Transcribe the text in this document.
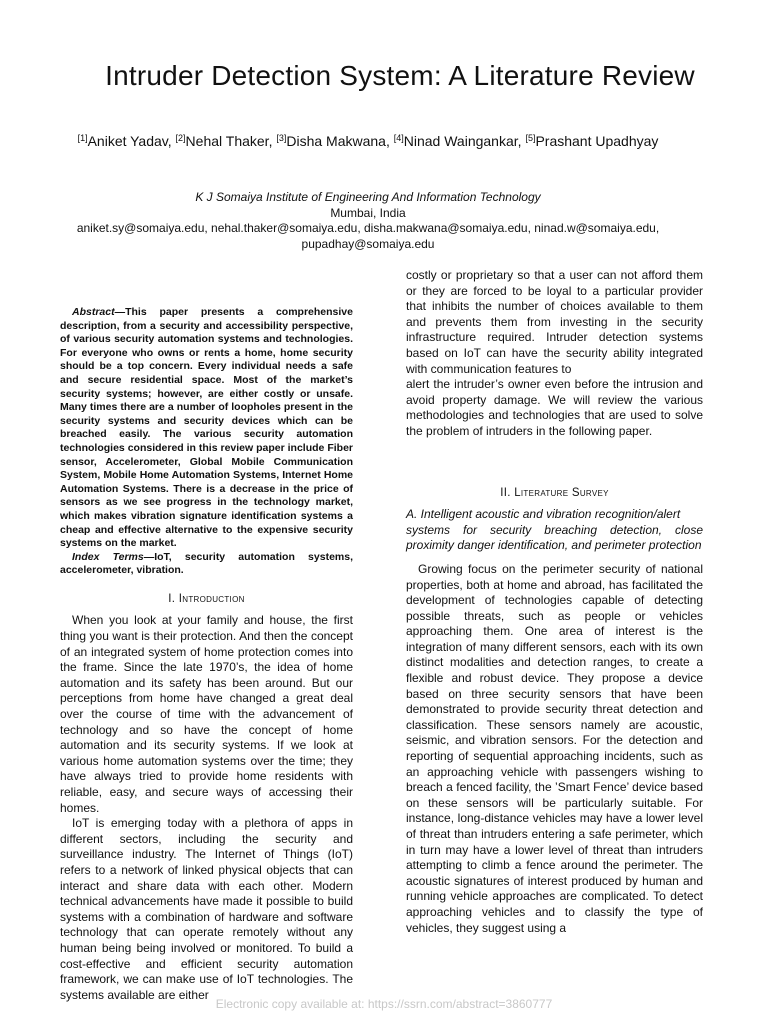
Intruder Detection System: A Literature Review
[1]Aniket Yadav, [2]Nehal Thaker, [3]Disha Makwana, [4]Ninad Waingankar, [5]Prashant Upadhyay
K J Somaiya Institute of Engineering And Information Technology
Mumbai, India
aniket.sy@somaiya.edu, nehal.thaker@somaiya.edu, disha.makwana@somaiya.edu, ninad.w@somaiya.edu,
pupadhay@somaiya.edu

Abstract—This paper presents a comprehensive description, from a security and accessibility perspective, of various security automation systems and technologies. For everyone who owns or rents a home, home security should be a top concern. Every individual needs a safe and secure residential space. Most of the market’s security systems; however, are either costly or unsafe. Many times there are a number of loopholes present in the security systems and security devices which can be breached easily. The various security automation technologies considered in this review paper include Fiber sensor, Accelerometer, Global Mobile Communication System, Mobile Home Automation Systems, Internet Home Automation Systems. There is a decrease in the price of sensors as we see progress in the technology market, which makes vibration signature identification systems a cheap and effective alternative to the expensive security systems on the market.

Index Terms—IoT, security automation systems, accelerometer, vibration.

I. Introduction

When you look at your family and house, the first thing you want is their protection. And then the concept of an integrated system of home protection comes into the frame. Since the late 1970’s, the idea of home automation and its safety has been around. But our perceptions from home have changed a great deal over the course of time with the advancement of technology and so have the concept of home automation and its security systems. If we look at various home automation systems over the time; they have always tried to provide home residents with reliable, easy, and secure ways of accessing their homes.

IoT is emerging today with a plethora of apps in different sectors, including the security and surveillance industry. The Internet of Things (IoT) refers to a network of linked physical objects that can interact and share data with each other. Modern technical advancements have made it possible to build systems with a combination of hardware and software technology that can operate remotely without any human being being involved or monitored. To build a cost-effective and efficient security automation framework, we can make use of IoT technologies. The systems available are either

costly or proprietary so that a user can not afford them or they are forced to be loyal to a particular provider that inhibits the number of choices available to them and prevents them from investing in the security infrastructure required. Intruder detection systems based on IoT can have the security ability integrated with communication features to

alert the intruder’s owner even before the intrusion and avoid property damage. We will review the various methodologies and technologies that are used to solve the problem of intruders in the following paper.

II. Literature Survey

A. Intelligent acoustic and vibration recognition/alert

systems for security breaching detection, close proximity danger identification, and perimeter protection

Growing focus on the perimeter security of national properties, both at home and abroad, has facilitated the development of technologies capable of detecting possible threats, such as people or vehicles approaching them. One area of interest is the integration of many different sensors, each with its own distinct modalities and detection ranges, to create a flexible and robust device. They propose a device based on three security sensors that have been demonstrated to provide security threat detection and classification. These sensors namely are acoustic, seismic, and vibration sensors. For the detection and reporting of sequential approaching incidents, such as an approaching vehicle with passengers wishing to breach a fenced facility, the ’Smart Fence’ device based on these sensors will be particularly suitable. For instance, long-distance vehicles may have a lower level of threat than intruders entering a safe perimeter, which in turn may have a lower level of threat than intruders attempting to climb a fence around the perimeter. The acoustic signatures of interest produced by human and running vehicle approaches are complicated. To detect approaching vehicles and to classify the type of vehicles, they suggest using a

Electronic copy available at: https://ssrn.com/abstract=3860777
